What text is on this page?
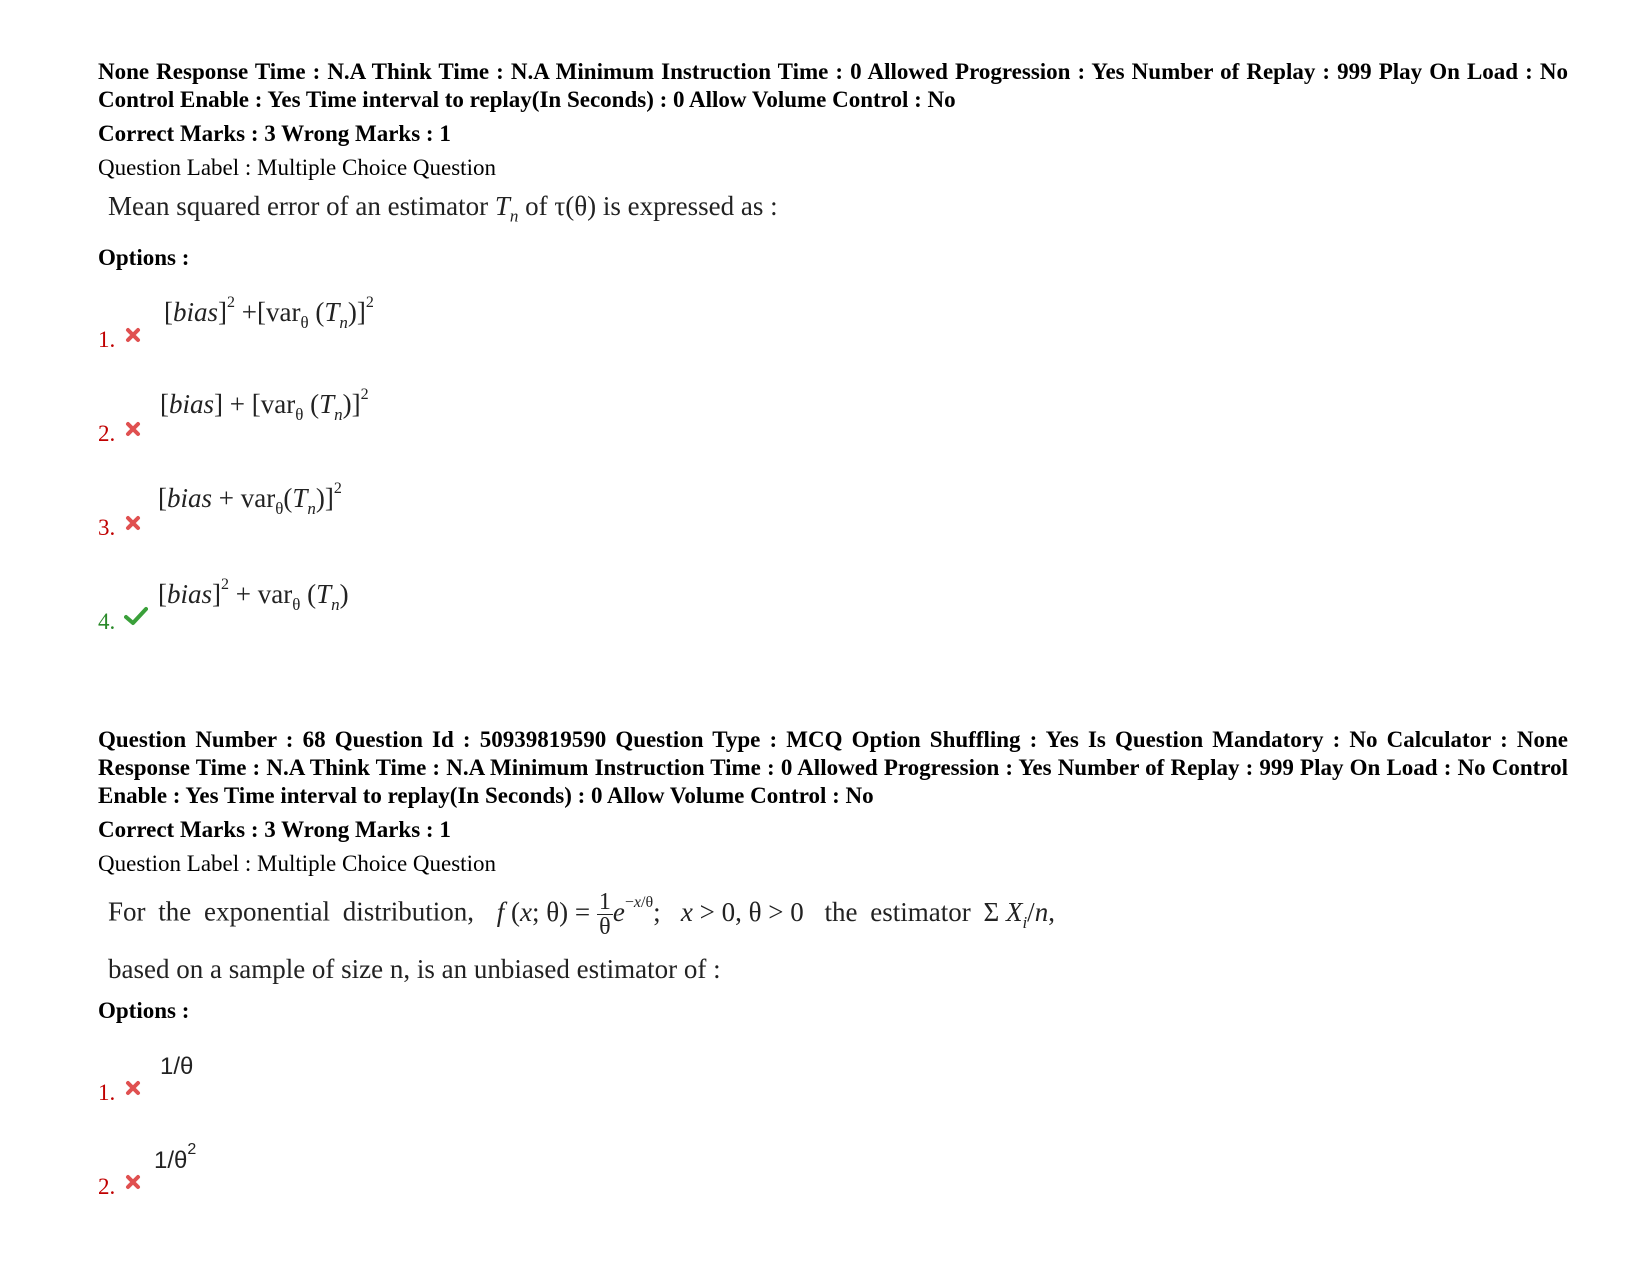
None Response Time : N.A Think Time : N.A Minimum Instruction Time : 0 Allowed Progression : Yes Number of Replay : 999 Play On Load : No Control Enable : Yes Time interval to replay(In Seconds) : 0 Allow Volume Control : No
Correct Marks : 3 Wrong Marks : 1
Question Label : Multiple Choice Question
Mean squared error of an estimator $T_n$ of τ(θ) is expressed as :
Options :
1.
[bias]$^2$ +[var$_\theta$ $(T_n)]^2$
2.
[bias] + [var$_\theta$ $(T_n)]^2$
3.
[bias + $var_\theta(T_n)]^2$
4.
[bias]$^2$ + var$_\theta$ $(T_n)$
Question Number : 68 Question Id : 50939819590 Question Type : MCQ Option Shuffling : Yes Is Question Mandatory : No Calculator : None Response Time : N.A Think Time : N.A Minimum Instruction Time : 0 Allowed Progression : Yes Number of Replay : 999 Play On Load : No Control Enable : Yes Time interval to replay(In Seconds) : 0 Allow Volume Control : No
Correct Marks : 3 Wrong Marks : 1
Question Label : Multiple Choice Question
For the exponential distribution, f (x; $\theta) = \frac{1}{\theta} e^{-x/\theta}$;   x > 0, θ > 0 the estimator Σ $X_i/n$,
based on a sample of size n, is an unbiased estimator of :
Options :
1.
1/θ
2.
$1/\theta^2$
